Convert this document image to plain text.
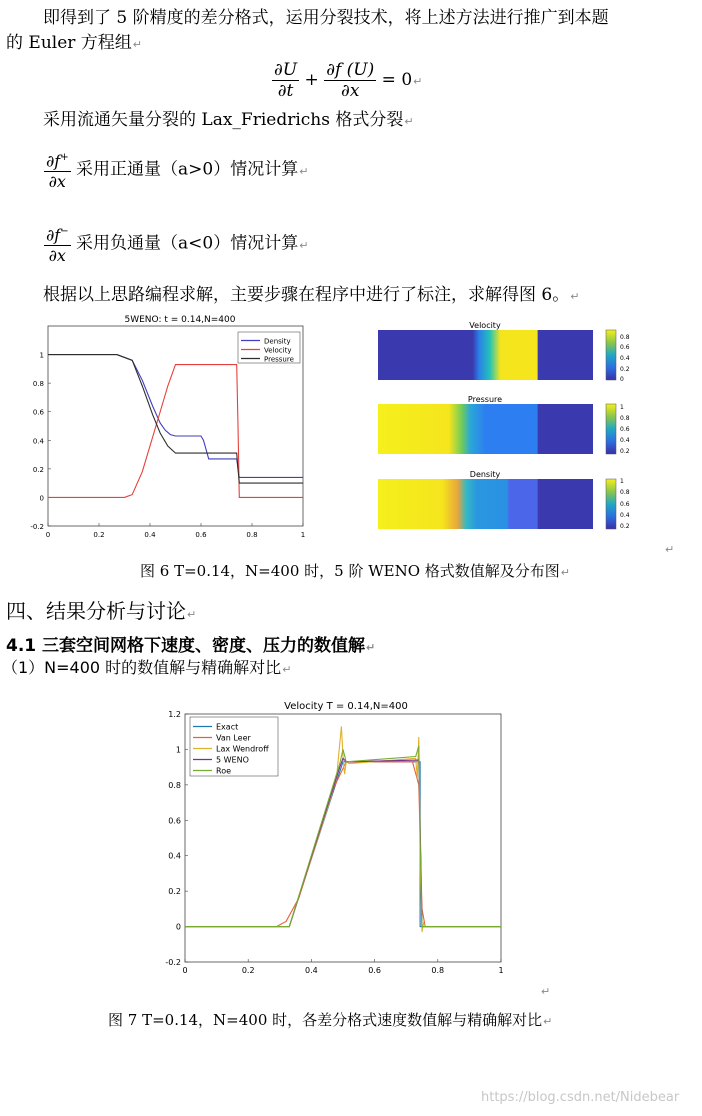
即得到了 5 阶精度的差分格式，运用分裂技术，将上述方法进行推广到本题
的 Euler 方程组↵
$\frac{\partial U}{\partial t} + \frac{\partial f (U)}{\partial x}$ = 0↵
采用流通矢量分裂的 Lax_Friedrichs 格式分裂↵
$\frac{\partial f^+}{\partial x}$ 采用正通量（a>0）情况计算↵
$\frac{\partial f^-}{\partial x}$ 采用负通量（a<0）情况计算↵
根据以上思路编程求解，主要步骤在程序中进行了标注，求解得图 6。↵
5WENO: t = 0.14,N=400
0	0.2	0.4	0.6	0.8	1
-0.2
0
0.2
0.4
0.6
0.8
1
Density
Velocity
Pressure
Velocity
0.8
0.6
0.4
0.2
0
Pressure
1
0.8
0.6
0.4
0.2
Density
1
0.8
0.6
0.4
0.2
↵
图 6 T=0.14，N=400 时，5 阶 WENO 格式数值解及分布图↵
四、结果分析与讨论↵
4.1 三套空间网格下速度、密度、压力的数值解↵
（1）N=400 时的数值解与精确解对比↵
Velocity T = 0.14,N=400
0	0.2	0.4	0.6	0.8	1
-0.2
0
0.2
0.4
0.6
0.8
1
1.2
Exact
Van Leer
Lax Wendroff
5 WENO
Roe
↵
图 7 T=0.14，N=400 时，各差分格式速度数值解与精确解对比↵
https://blog.csdn.net/Nidebear
